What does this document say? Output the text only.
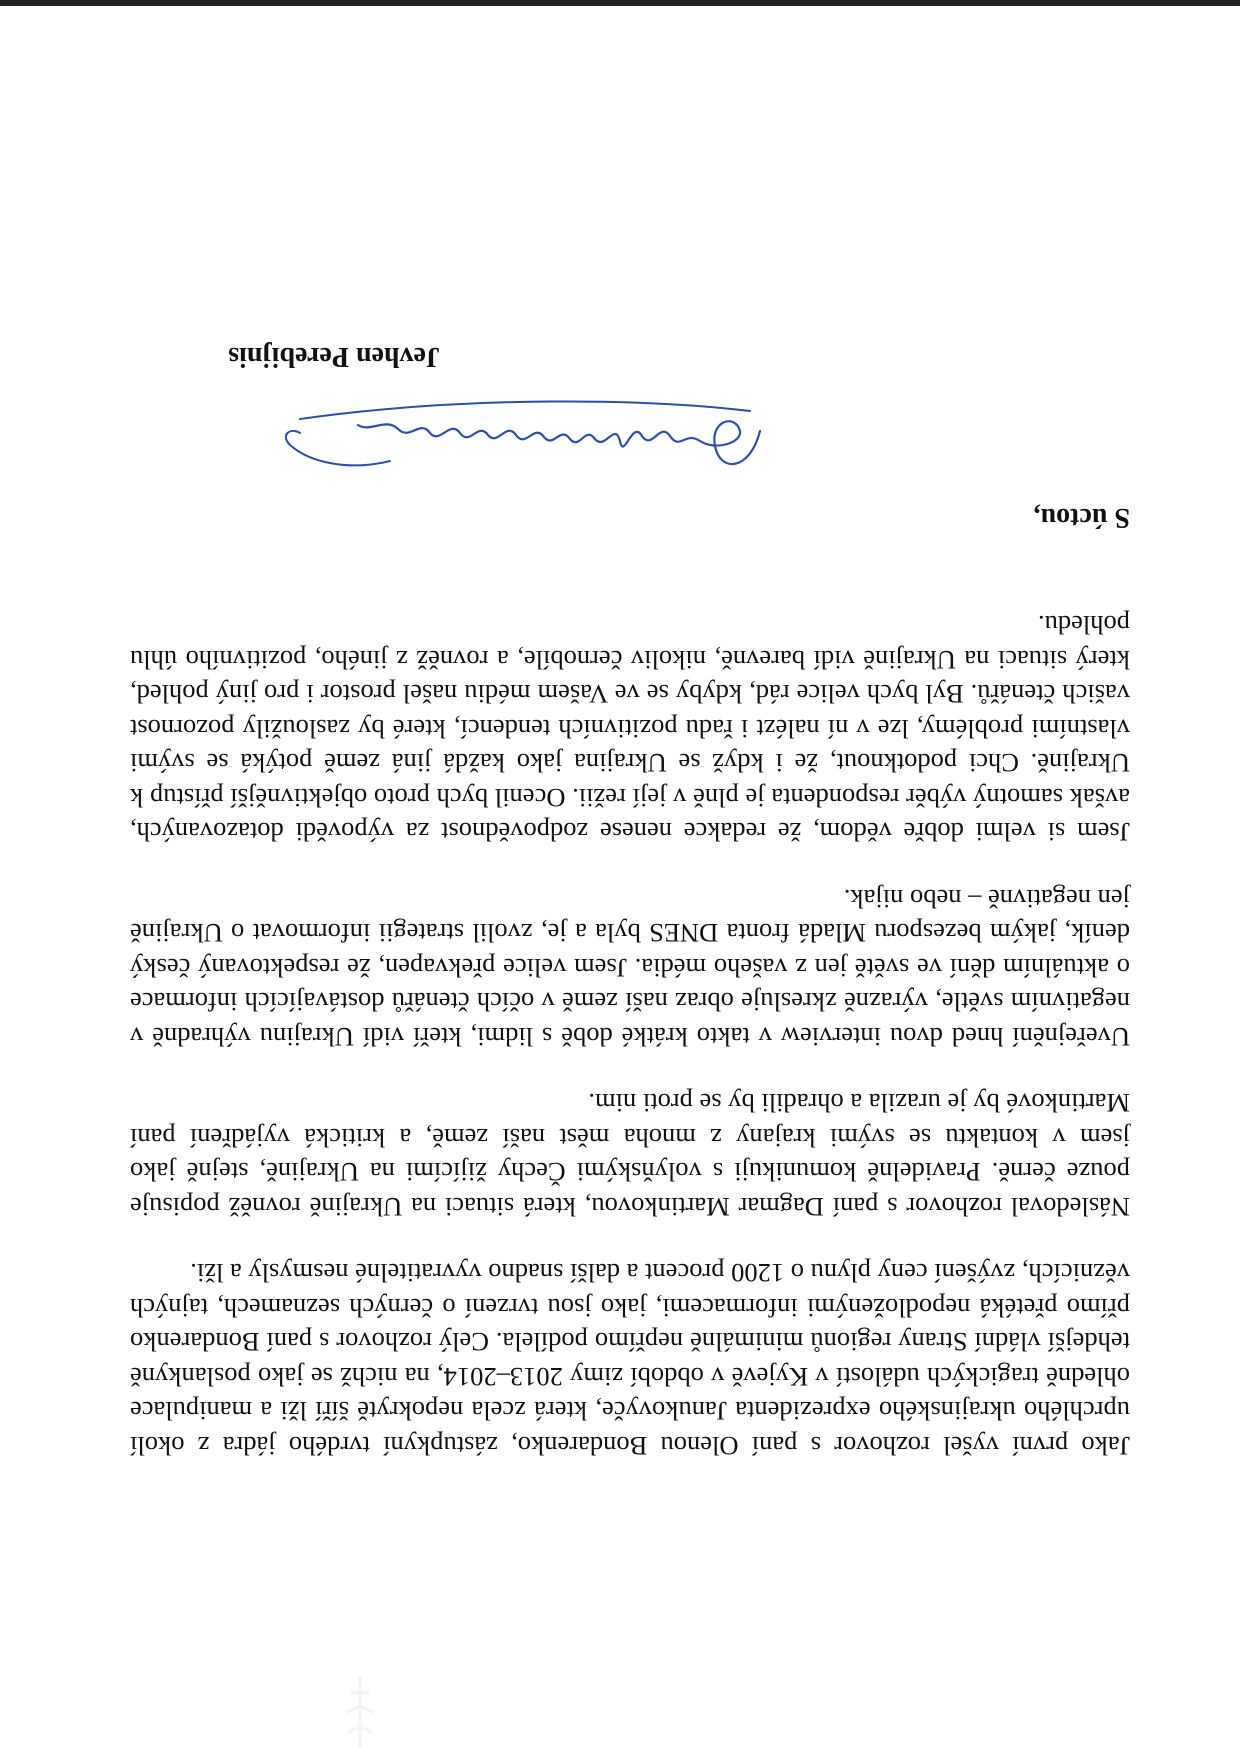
Jako první vyšel rozhovor s paní Olenou Bondarenko, zástupkyní tvrdého jádra z okolí uprchlého ukrajinského exprezidenta Janukovyče, která zcela nepokrytě šíří lži a manipulace ohledně tragických událostí v Kyjevě v období zimy 2013–2014, na nichž se jako poslankyně tehdejší vládní Strany regionů minimálně nepřímo podílela. Celý rozhovor s paní Bondarenko přímo přetéká nepodloženými informacemi, jako jsou tvrzení o černých seznamech, tajných věznicích, zvýšení ceny plynu o 1200 procent a další snadno vyvratitelné nesmysly a lži.

Následoval rozhovor s paní Dagmar Martinkovou, která situaci na Ukrajině rovněž popisuje pouze černě. Pravidelně komunikuji s volyňskými Čechy žijícími na Ukrajině, stejně jako jsem v kontaktu se svými krajany z mnoha měst naší země, a kritická vyjádření paní Martinkové by je urazila a ohradili by se proti nim.

Uveřejnění hned dvou interview v takto krátké době s lidmi, kteří vidí Ukrajinu výhradně v negativním světle, výrazně zkresluje obraz naší země v očích čtenářů dostávajících informace o aktuálním dění ve světě jen z vašeho média. Jsem velice překvapen, že respektovaný český deník, jakým bezesporu Mladá fronta DNES byla a je, zvolil strategii informovat o Ukrajině jen negativně – nebo nijak.

Jsem si velmi dobře vědom, že redakce nenese zodpovědnost za výpovědi dotazovaných, avšak samotný výběr respondenta je plně v její režii. Ocenil bych proto objektivnější přístup k Ukrajině. Chci podotknout, že i když se Ukrajina jako každá jiná země potýká se svými vlastními problémy, lze v ní nalézt i řadu pozitivních tendencí, které by zasloužily pozornost vašich čtenářů. Byl bych velice rád, kdyby se ve Vašem médiu našel prostor i pro jiný pohled, který situaci na Ukrajině vidí barevně, nikoliv černobíle, a rovněž z jiného, pozitivního úhlu pohledu.

S úctou,
Jevhen Perebijnis
